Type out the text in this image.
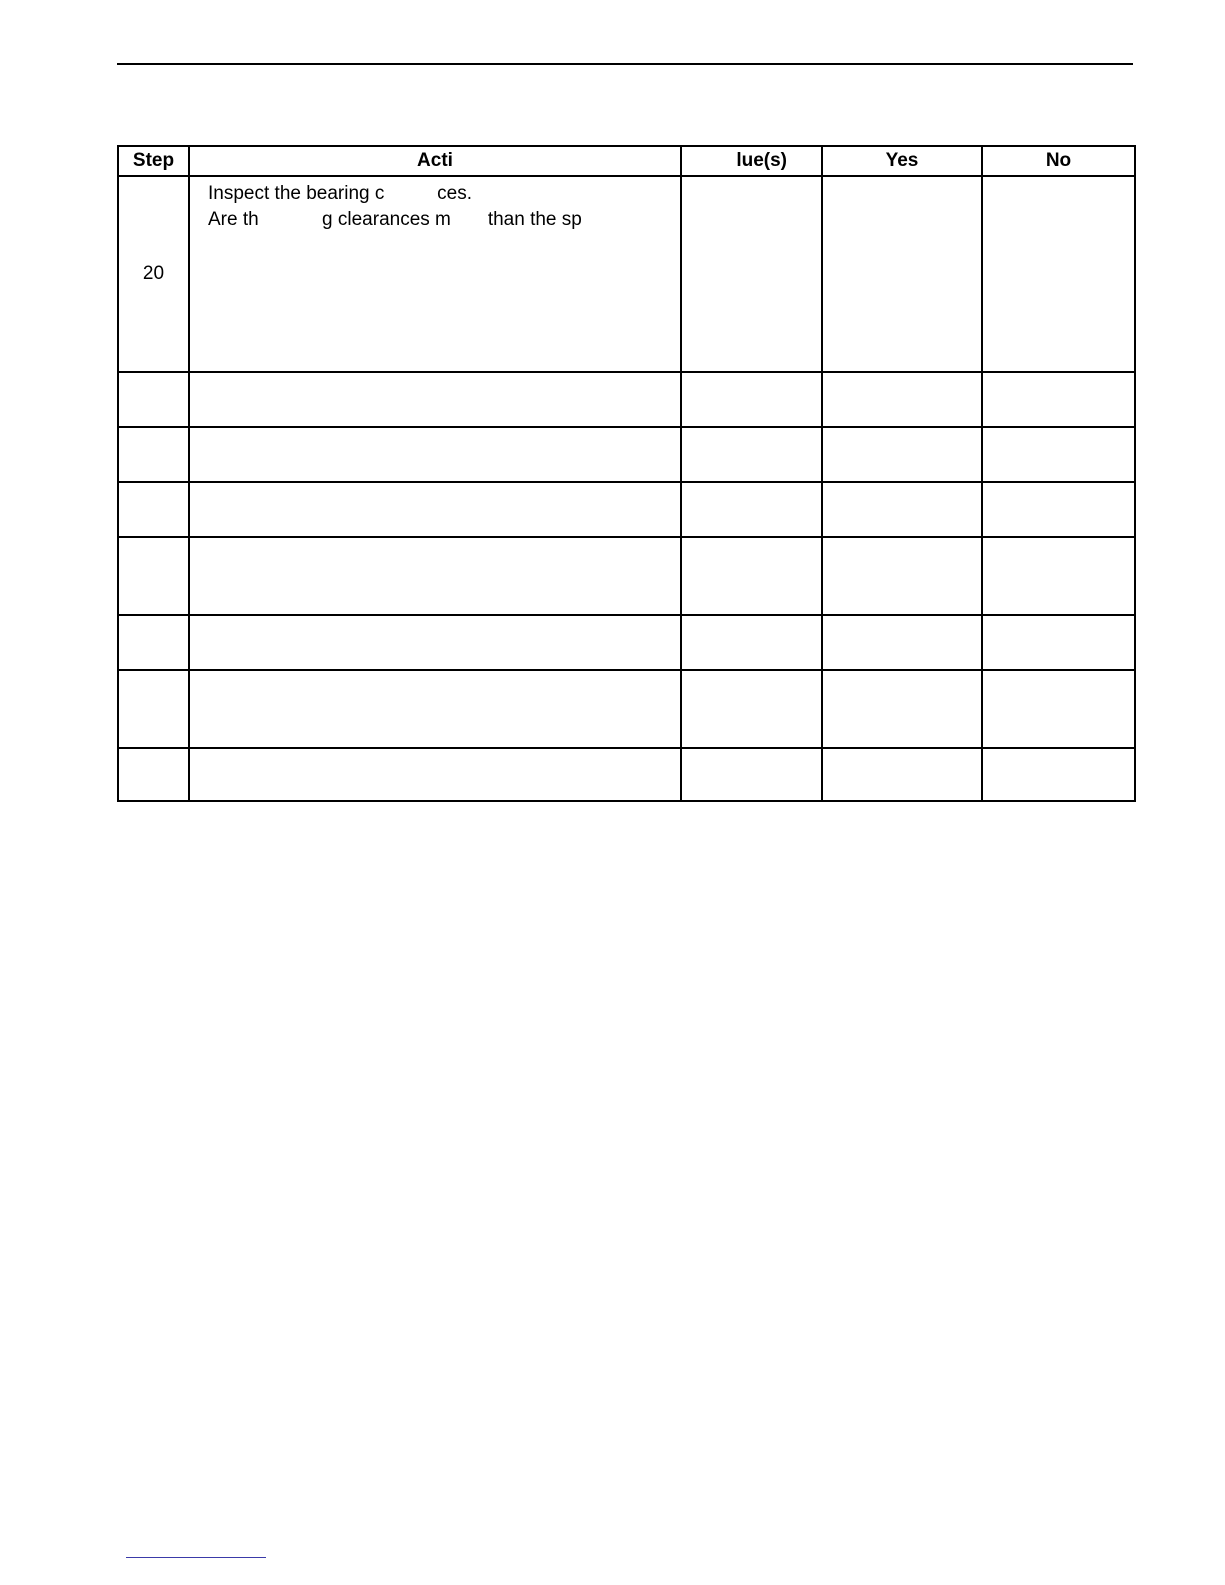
Step	Acti	lue(s)	Yes	No
20	Inspect the bearing c          ces.
Are th            g clearances m       than the sp			
